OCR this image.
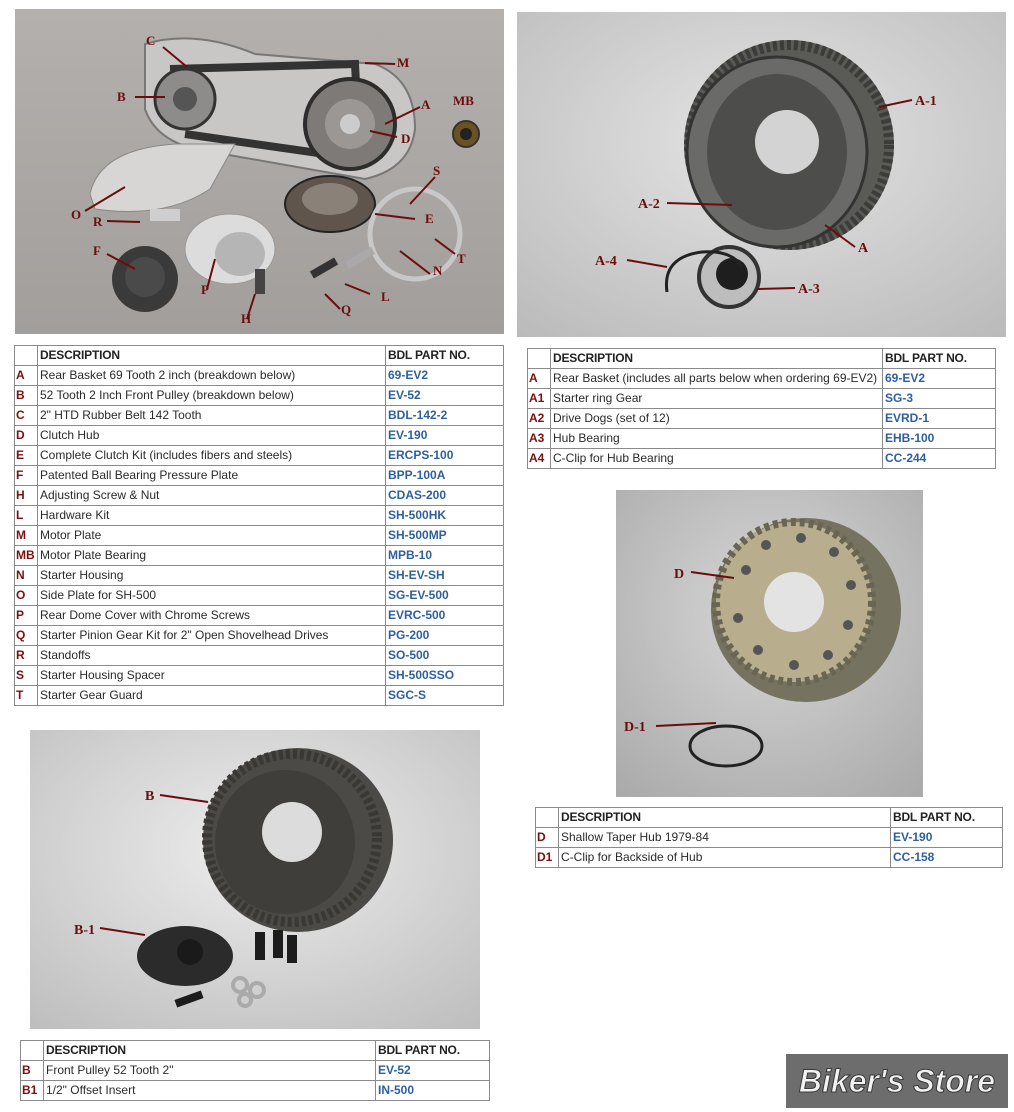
C
M
B	MB
A
D
S
O R	E
F
T
N
P	L
Q
H
A-1
A-2
A
A-4
A-3
	DESCRIPTION	BDL PART NO.
A	Rear Basket 69 Tooth 2 inch (breakdown below)	69-EV2
B	52 Tooth 2 Inch Front Pulley (breakdown below)	EV-52
C	2" HTD Rubber Belt 142 Tooth	BDL-142-2
D	Clutch Hub	EV-190
E	Complete Clutch Kit (includes fibers and steels)	ERCPS-100
F	Patented Ball Bearing Pressure Plate	BPP-100A
H	Adjusting Screw & Nut	CDAS-200
L	Hardware Kit	SH-500HK
M	Motor Plate	SH-500MP
MB	Motor Plate Bearing	MPB-10
N	Starter Housing	SH-EV-SH
O	Side Plate for SH-500	SG-EV-500
P	Rear Dome Cover with Chrome Screws	EVRC-500
Q	Starter Pinion Gear Kit for 2" Open Shovelhead Drives	PG-200
R	Standoffs	SO-500
S	Starter Housing Spacer	SH-500SSO
T	Starter Gear Guard	SGC-S
	DESCRIPTION	BDL PART NO.
A	Rear Basket (includes all parts below when ordering 69-EV2)	69-EV2
A1	Starter ring Gear	SG-3
A2	Drive Dogs (set of 12)	EVRD-1
A3	Hub Bearing	EHB-100
A4	C-Clip for Hub Bearing	CC-244
D
D-1
B
B-1
	DESCRIPTION	BDL PART NO.
D	Shallow Taper Hub 1979-84	EV-190
D1	C-Clip for Backside of Hub	CC-158
	DESCRIPTION	BDL PART NO.
B	Front Pulley 52 Tooth 2"	EV-52
B1	1/2" Offset Insert	IN-500	Biker's Store
